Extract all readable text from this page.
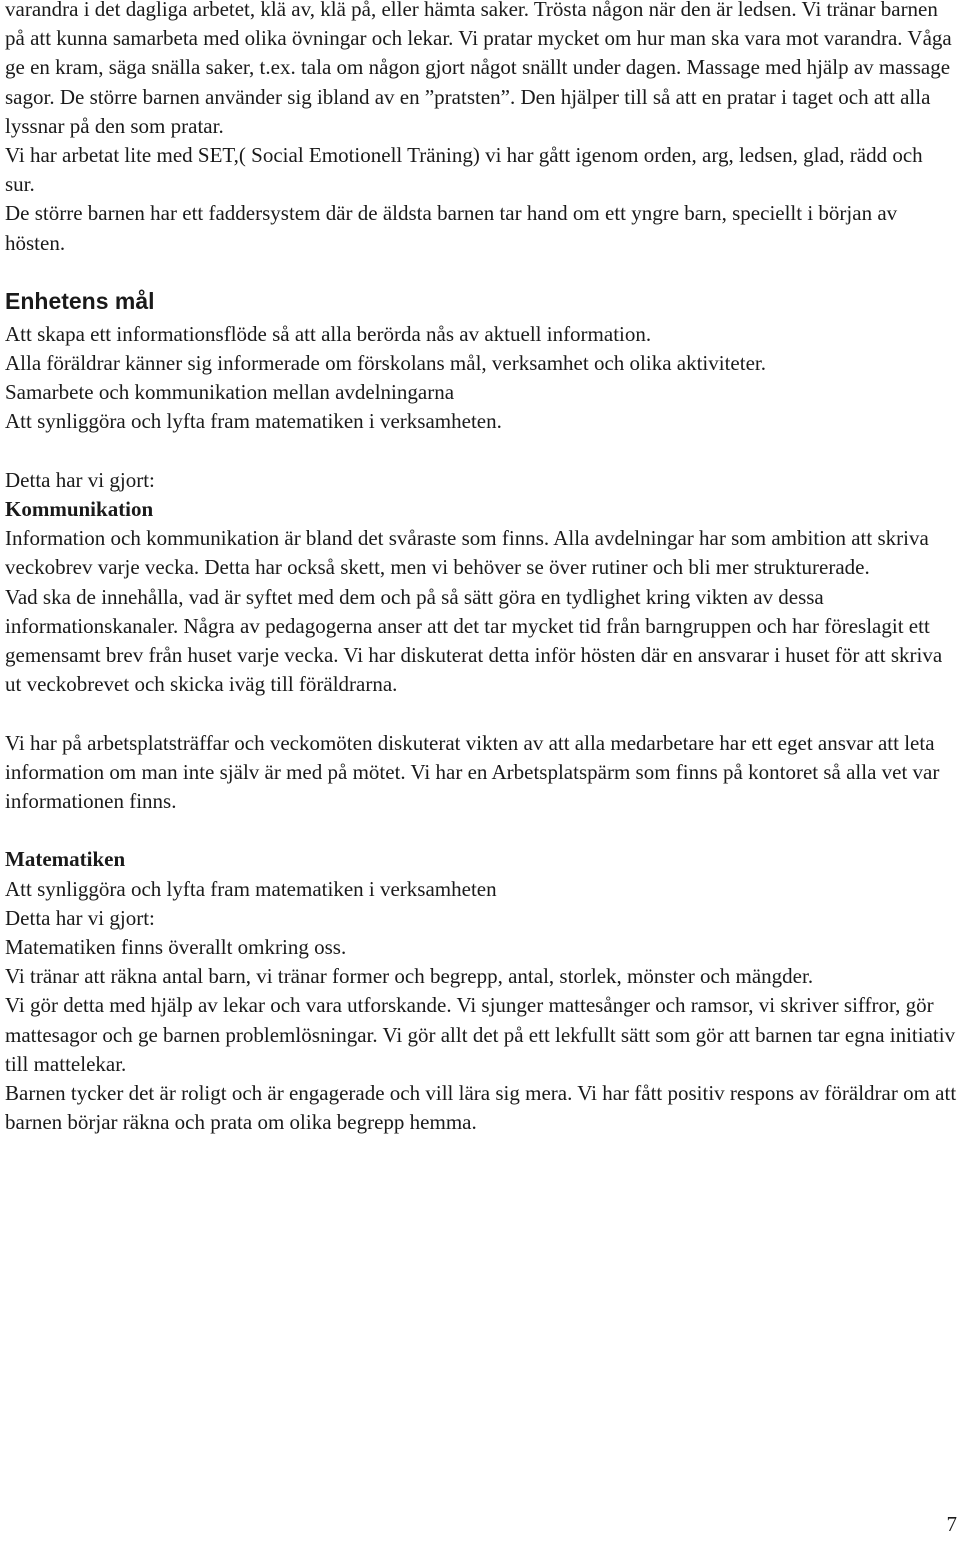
varandra i det dagliga arbetet, klä av, klä på, eller hämta saker. Trösta någon när den är ledsen. Vi tränar barnen på att kunna samarbeta med olika övningar och lekar. Vi pratar mycket om hur man ska vara mot varandra. Våga ge en kram, säga snälla saker, t.ex. tala om någon gjort något snällt under dagen. Massage med hjälp av massage sagor. De större barnen använder sig ibland av en ”pratsten”. Den hjälper till så att en pratar i taget och att alla lyssnar på den som pratar.

Vi har arbetat lite med SET,( Social Emotionell Träning) vi har gått igenom orden, arg, ledsen, glad, rädd och sur.

De större barnen har ett faddersystem där de äldsta barnen tar hand om ett yngre barn, speciellt i början av hösten.

Enhetens mål

Att skapa ett informationsflöde så att alla berörda nås av aktuell information.

Alla föräldrar känner sig informerade om förskolans mål, verksamhet och olika aktiviteter.

Samarbete och kommunikation mellan avdelningarna

Att synliggöra och lyfta fram matematiken i verksamheten.

Detta har vi gjort:

Kommunikation

Information och kommunikation är bland det svåraste som finns. Alla avdelningar har som ambition att skriva veckobrev varje vecka. Detta har också skett, men vi behöver se över rutiner och bli mer strukturerade.

Vad ska de innehålla, vad är syftet med dem och på så sätt göra en tydlighet kring vikten av dessa informationskanaler. Några av pedagogerna anser att det tar mycket tid från barngruppen och har föreslagit ett gemensamt brev från huset varje vecka. Vi har diskuterat detta inför hösten där en ansvarar i huset för att skriva ut veckobrevet och skicka iväg till föräldrarna.

Vi har på arbetsplatsträffar och veckomöten diskuterat vikten av att alla medarbetare har ett eget ansvar att leta information om man inte själv är med på mötet. Vi har en Arbetsplatspärm som finns på kontoret så alla vet var informationen finns.

Matematiken

Att synliggöra och lyfta fram matematiken i verksamheten

Detta har vi gjort:

Matematiken finns överallt omkring oss.

Vi tränar att räkna antal barn, vi tränar former och begrepp, antal, storlek, mönster och mängder.

Vi gör detta med hjälp av lekar och vara utforskande. Vi sjunger mattesånger och ramsor, vi skriver siffror, gör mattesagor och ge barnen problemlösningar. Vi gör allt det på ett lekfullt sätt som gör att barnen tar egna initiativ till mattelekar.

Barnen tycker det är roligt och är engagerade och vill lära sig mera. Vi har fått positiv respons av föräldrar om att barnen börjar räkna och prata om olika begrepp hemma.

7
